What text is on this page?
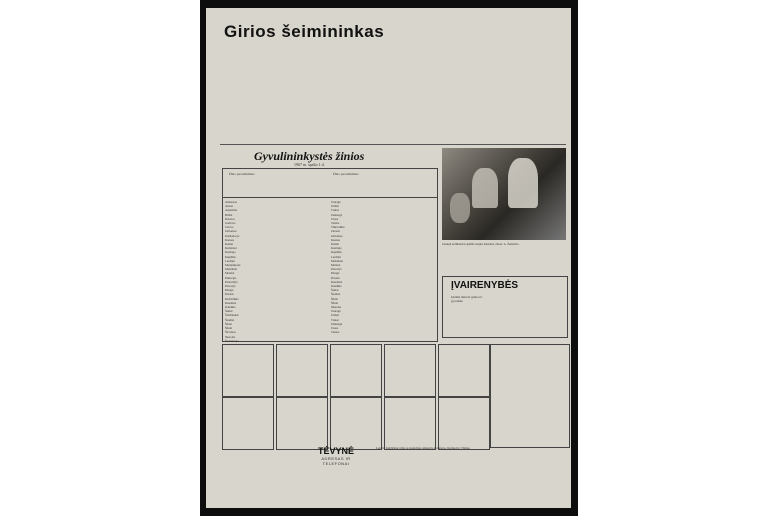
Girios šeimininkas
Gyvulininkystės žinios
1967 m. spalio 1 d.
Ūkio pavadinimas	Ūkio pavadinimas
Aleksotas
Alanta
Anykščiai
Biržai
Dusetos
Garliava
Jonava
Jurbarkas
Kaišiadorys
Kaunas
Kelmė
Kėdainiai
Kretinga
Kupiškis
Lazdijai
Marijampolė
Mažeikiai
Molėtai
Pakruojis
Panevėžys
Pasvalys
Plungė
Prienai
Radviliškis
Raseiniai
Rokiškis
Šakiai
Šalčininkai
Šiauliai
Šilalė
Šilutė
Širvintos
Skuodas
Švenčionys
Tauragė
Telšiai
Trakai
Ukmergė
Utena
Varėna
Vilkaviškis
Zarasai
Jurbarkas
Kaunas
Kelmė
Kretinga
Kupiškis
Lazdijai
Mažeikiai
Molėtai
Pasvalys
Plungė
Prienai
Raseiniai
Rokiškis
Šakiai
Šiauliai
Šilalė
Šilutė
Skuodas
Tauragė
Telšiai
Trakai
Ukmergė
Utena
Varėna
Jaunieji kolūkiečiai apžiūri naujus žurnalus. Nuotr. A. Žemaičio.
ĮVAIRENYBĖS
Įdomūs faktai iš gamtos ir gyvenimo
TĖVYNĖ
ADRESAS IR TELEFONAI
Leidžia Kultūrinių ryšių su tautiečiais užsienyje komitetas. Redakcija: Vilnius.
